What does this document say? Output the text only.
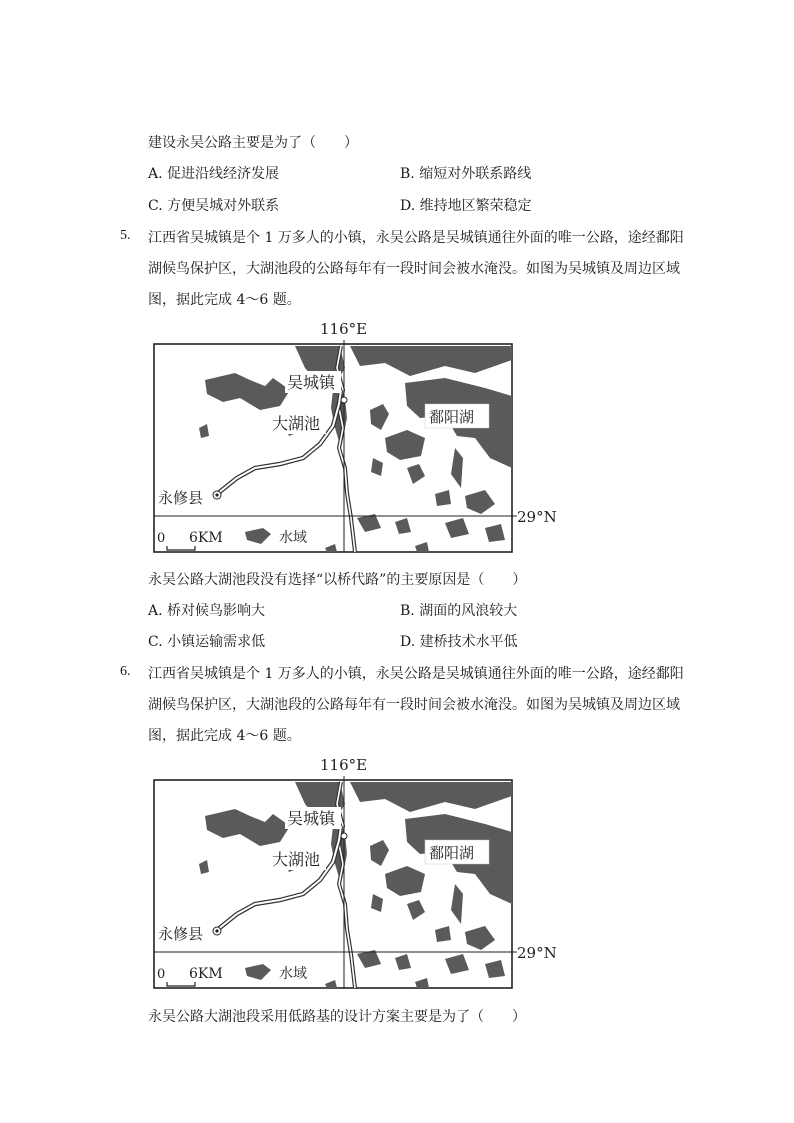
建设永吴公路主要是为了（　　）
A. 促进沿线经济发展	B. 缩短对外联系路线
C. 方便吴城对外联系	D. 维持地区繁荣稳定
5. 江西省吴城镇是个 1 万多人的小镇，永吴公路是吴城镇通往外面的唯一公路，途经鄱阳
湖候鸟保护区，大湖池段的公路每年有一段时间会被水淹没。如图为吴城镇及周边区域
图，据此完成 4～6 题。
116°E
吴城镇
大湖池	鄱阳湖
永修县
29°N
0 6KM	水域
永吴公路大湖池段没有选择“以桥代路”的主要原因是（　　）
A. 桥对候鸟影响大	B. 湖面的风浪较大
C. 小镇运输需求低	D. 建桥技术水平低
6. 江西省吴城镇是个 1 万多人的小镇，永吴公路是吴城镇通往外面的唯一公路，途经鄱阳
湖候鸟保护区，大湖池段的公路每年有一段时间会被水淹没。如图为吴城镇及周边区域
图，据此完成 4～6 题。
116°E
吴城镇
大湖池	鄱阳湖
永修县
29°N
0 6KM	水域
永吴公路大湖池段采用低路基的设计方案主要是为了（　　）
